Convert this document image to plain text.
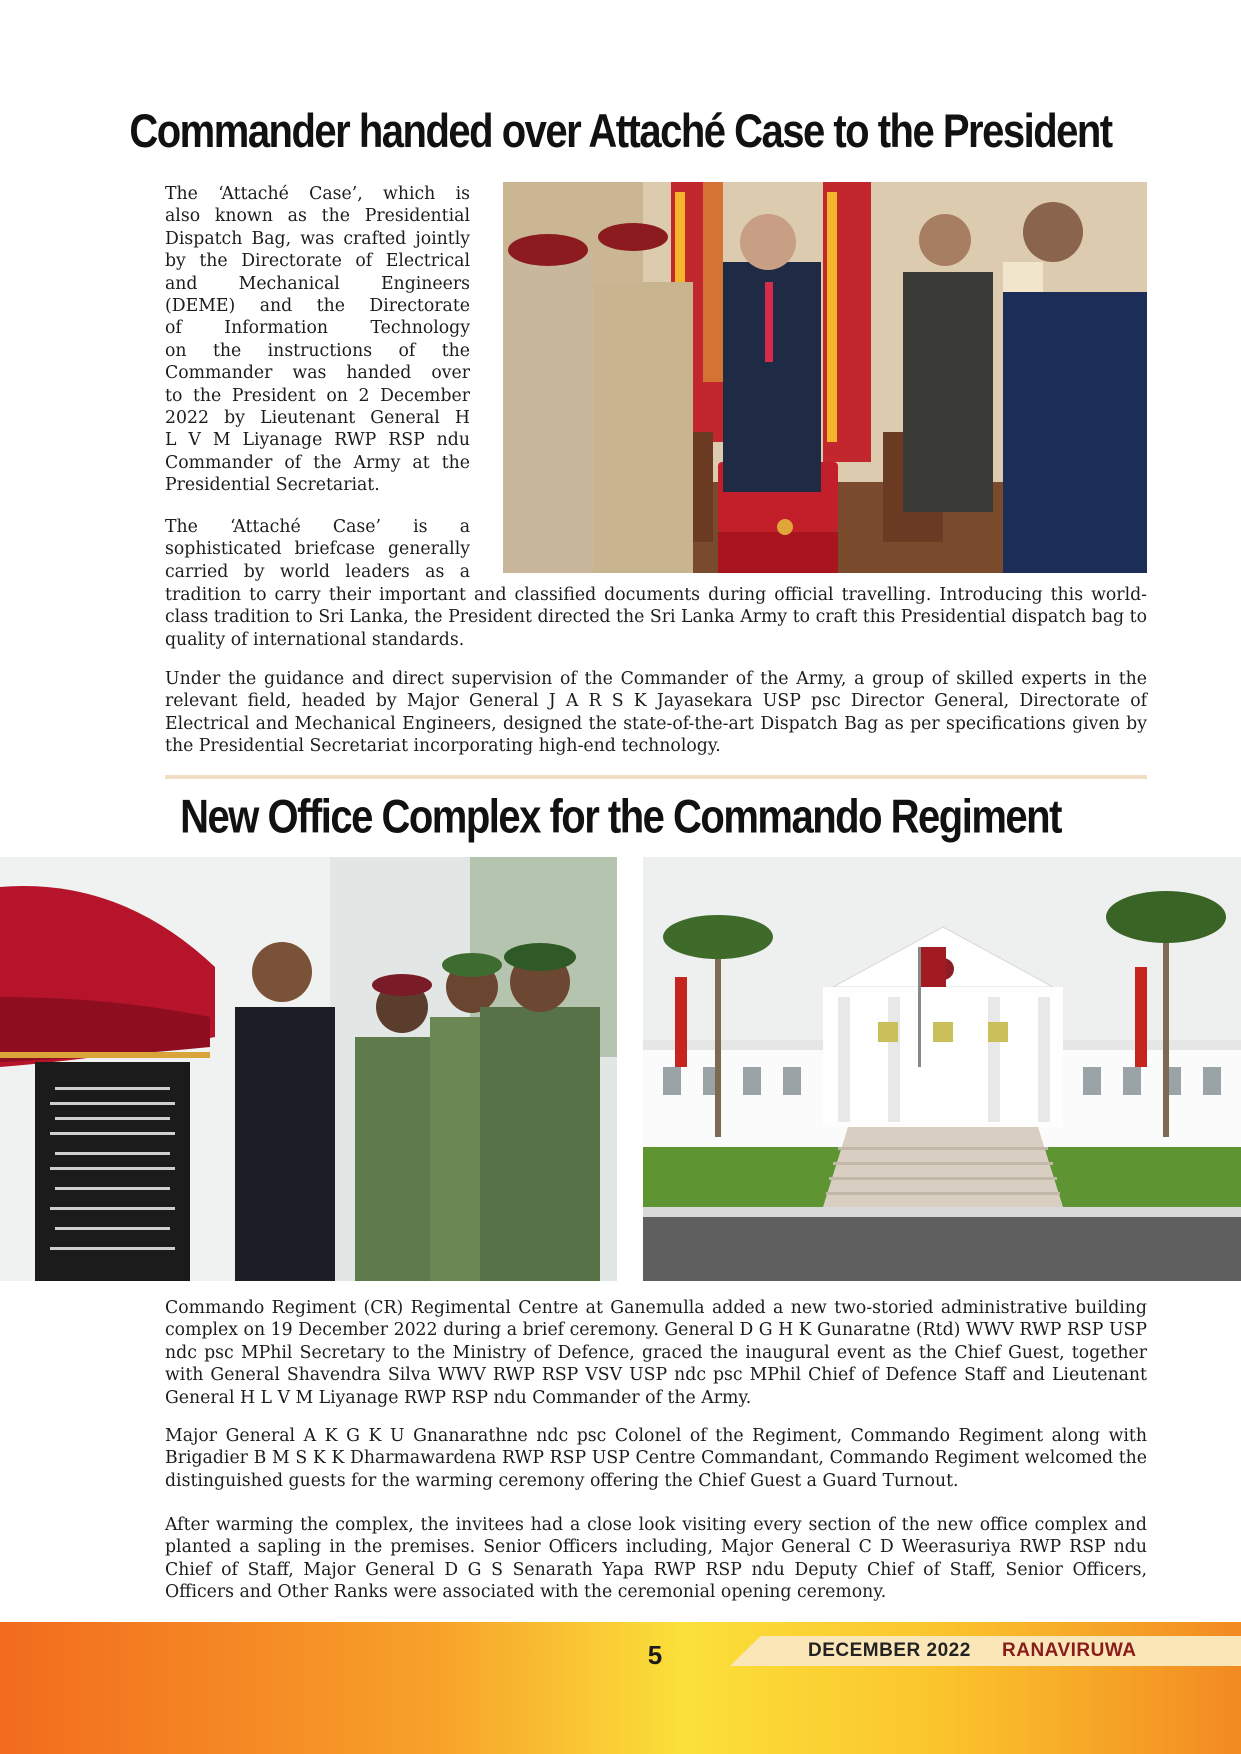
Commander handed over Attaché Case to the President
The ‘Attaché Case’, which is
also known as the Presidential
Dispatch Bag, was crafted jointly
by the Directorate of Electrical
and Mechanical Engineers
(DEME) and the Directorate
of Information Technology
on the instructions of the
Commander was handed over
to the President on 2 December
2022 by Lieutenant General H
L V M Liyanage RWP RSP ndu
Commander of the Army at the
Presidential Secretariat.
The ‘Attaché Case’ is a
sophisticated briefcase generally
carried by world leaders as a

tradition to carry their important and classified documents during official travelling. Introducing this world-class tradition to Sri Lanka, the President directed the Sri Lanka Army to craft this Presidential dispatch bag to quality of international standards.

Under the guidance and direct supervision of the Commander of the Army, a group of skilled experts in the relevant field, headed by Major General J A R S K Jayasekara USP psc Director General, Directorate of Electrical and Mechanical Engineers, designed the state-of-the-art Dispatch Bag as per specifications given by the Presidential Secretariat incorporating high-end technology.

New Office Complex for the Commando Regiment

Commando Regiment (CR) Regimental Centre at Ganemulla added a new two-storied administrative building complex on 19 December 2022 during a brief ceremony. General D G H K Gunaratne (Rtd) WWV RWP RSP USP ndc psc MPhil Secretary to the Ministry of Defence, graced the inaugural event as the Chief Guest, together with General Shavendra Silva WWV RWP RSP VSV USP ndc psc MPhil Chief of Defence Staff and Lieutenant General H L V M Liyanage RWP RSP ndu Commander of the Army.

Major General A K G K U Gnanarathne ndc psc Colonel of the Regiment, Commando Regiment along with Brigadier B M S K K Dharmawardena RWP RSP USP Centre Commandant, Commando Regiment welcomed the distinguished guests for the warming ceremony offering the Chief Guest a Guard Turnout.

After warming the complex, the invitees had a close look visiting every section of the new office complex and planted a sapling in the premises. Senior Officers including, Major General C D Weerasuriya RWP RSP ndu Chief of Staff, Major General D G S Senarath Yapa RWP RSP ndu Deputy Chief of Staff, Senior Officers, Officers and Other Ranks were associated with the ceremonial opening ceremony.

5	DECEMBER 2022 RANAVIRUWA
